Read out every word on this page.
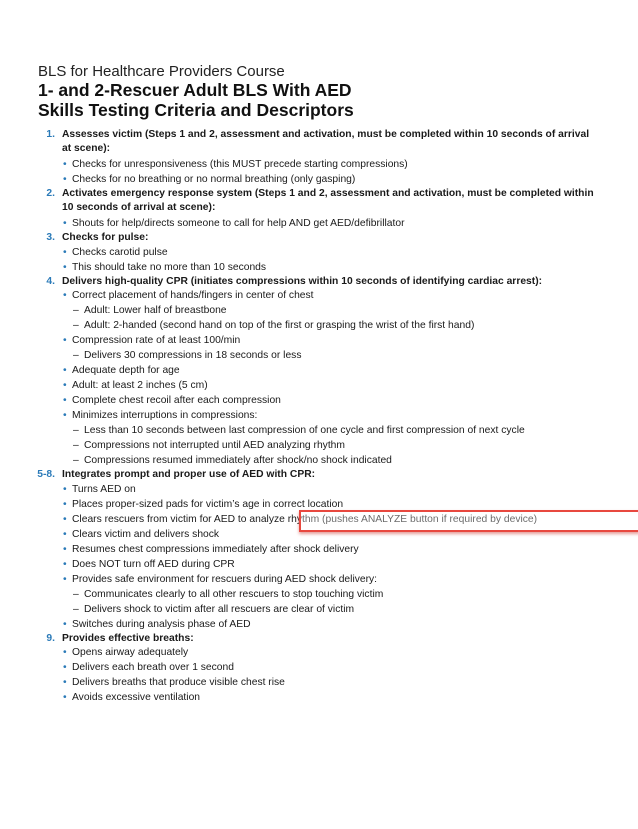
BLS for Healthcare Providers Course
1- and 2-Rescuer Adult BLS With AED
Skills Testing Criteria and Descriptors
1. Assesses victim (Steps 1 and 2, assessment and activation, must be completed within 10 seconds of arrival at scene):
• Checks for unresponsiveness (this MUST precede starting compressions)
• Checks for no breathing or no normal breathing (only gasping)
2. Activates emergency response system (Steps 1 and 2, assessment and activation, must be completed within 10 seconds of arrival at scene):
• Shouts for help/directs someone to call for help AND get AED/defibrillator
3. Checks for pulse:
• Checks carotid pulse
• This should take no more than 10 seconds
4. Delivers high-quality CPR (initiates compressions within 10 seconds of identifying cardiac arrest):
• Correct placement of hands/fingers in center of chest
– Adult: Lower half of breastbone
– Adult: 2-handed (second hand on top of the first or grasping the wrist of the first hand)
• Compression rate of at least 100/min
– Delivers 30 compressions in 18 seconds or less
• Adequate depth for age
• Adult: at least 2 inches (5 cm)
• Complete chest recoil after each compression
• Minimizes interruptions in compressions:
– Less than 10 seconds between last compression of one cycle and first compression of next cycle
– Compressions not interrupted until AED analyzing rhythm
– Compressions resumed immediately after shock/no shock indicated
5-8. Integrates prompt and proper use of AED with CPR:
• Turns AED on
• Places proper-sized pads for victim’s age in correct location
• Clears rescuers from victim for AED to analyze rhythm (pushes ANALYZE button if required by device)
• Clears victim and delivers shock
• Resumes chest compressions immediately after shock delivery
• Does NOT turn off AED during CPR
• Provides safe environment for rescuers during AED shock delivery:
– Communicates clearly to all other rescuers to stop touching victim
– Delivers shock to victim after all rescuers are clear of victim
• Switches during analysis phase of AED
9. Provides effective breaths:
• Opens airway adequately
• Delivers each breath over 1 second
• Delivers breaths that produce visible chest rise
• Avoids excessive ventilation
